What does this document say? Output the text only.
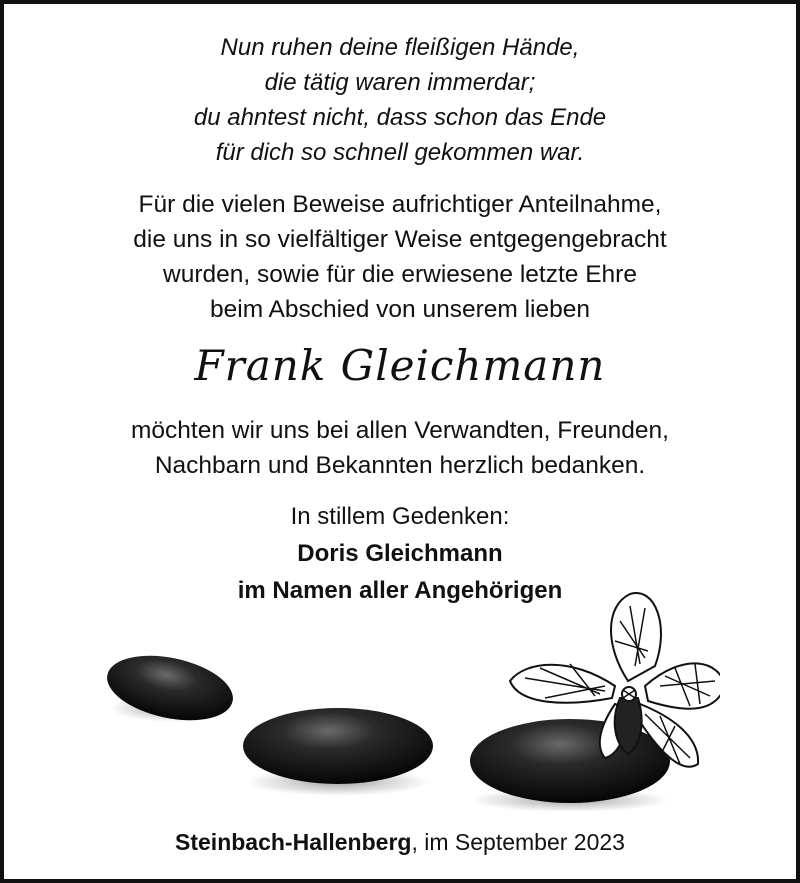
Nun ruhen deine fleißigen Hände,
die tätig waren immerdar;
du ahntest nicht, dass schon das Ende
für dich so schnell gekommen war.
Für die vielen Beweise aufrichtiger Anteilnahme,
die uns in so vielfältiger Weise entgegengebracht
wurden, sowie für die erwiesene letzte Ehre
beim Abschied von unserem lieben
Frank Gleichmann
möchten wir uns bei allen Verwandten, Freunden,
Nachbarn und Bekannten herzlich bedanken.
In stillem Gedenken:
Doris Gleichmann
im Namen aller Angehörigen
Steinbach-Hallenberg, im September 2023
